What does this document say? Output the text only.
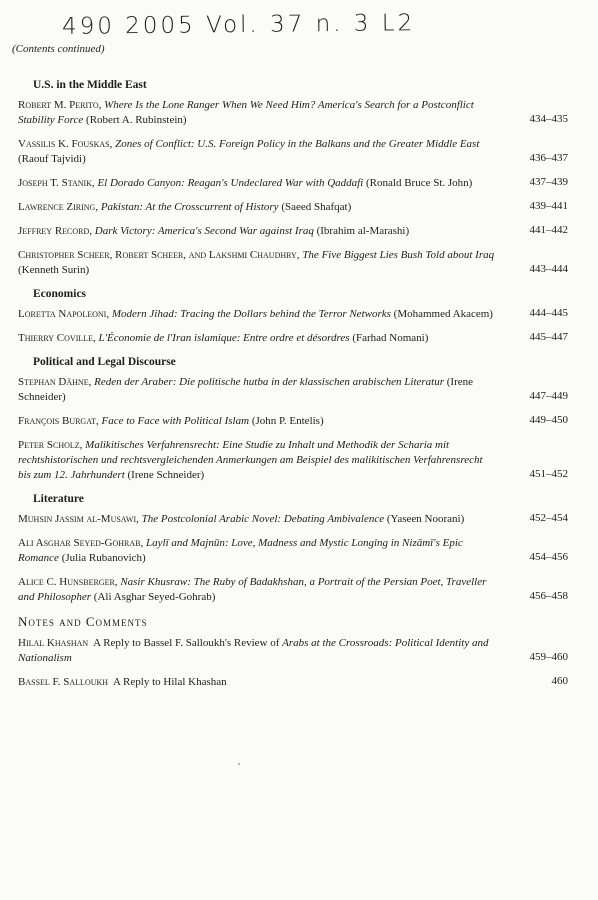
490 2005 Vol. 37 n. 3 L2
(Contents continued)
U.S. in the Middle East
Robert M. Perito, Where Is the Lone Ranger When We Need Him? America's Search for a Postconflict Stability Force (Robert A. Rubinstein)	434–435
Vassilis K. Fouskas, Zones of Conflict: U.S. Foreign Policy in the Balkans and the Greater Middle East (Raouf Tajvidi)	436–437
Joseph T. Stanik, El Dorado Canyon: Reagan's Undeclared War with Qaddafi (Ronald Bruce St. John)	437–439
Lawrence Ziring, Pakistan: At the Crosscurrent of History (Saeed Shafqat)	439–441
Jeffrey Record, Dark Victory: America's Second War against Iraq (Ibrahim al-Marashi)	441–442
Christopher Scheer, Robert Scheer, and Lakshmi Chaudhry, The Five Biggest Lies Bush Told about Iraq (Kenneth Surin)	443–444
Economics
Loretta Napoleoni, Modern Jihad: Tracing the Dollars behind the Terror Networks (Mohammed Akacem)	444–445
Thierry Coville, L'Économie de l'Iran islamique: Entre ordre et désordres (Farhad Nomani)	445–447
Political and Legal Discourse
Stephan Dähne, Reden der Araber: Die politische hutba in der klassischen arabischen Literatur (Irene Schneider)	447–449
François Burgat, Face to Face with Political Islam (John P. Entelis)	449–450
Peter Scholz, Malikitisches Verfahrensrecht: Eine Studie zu Inhalt und Methodik der Scharia mit rechtshistorischen und rechtsvergleichenden Anmerkungen am Beispiel des malikitischen Verfahrensrecht bis zum 12. Jahrhundert (Irene Schneider)	451–452
Literature
Muhsin Jassim al-Musawi, The Postcolonial Arabic Novel: Debating Ambivalence (Yaseen Noorani)	452–454
Ali Asghar Seyed-Gohrab, Laylī and Majnūn: Love, Madness and Mystic Longing in Nizāmī's Epic Romance (Julia Rubanovich)	454–456
Alice C. Hunsberger, Nasir Khusraw: The Ruby of Badakhshan, a Portrait of the Persian Poet, Traveller and Philosopher (Ali Asghar Seyed-Gohrab)	456–458
Notes and Comments
Hilal Khashan A Reply to Bassel F. Salloukh's Review of Arabs at the Crossroads: Political Identity and Nationalism	459–460
Bassel F. Salloukh A Reply to Hilal Khashan	460
